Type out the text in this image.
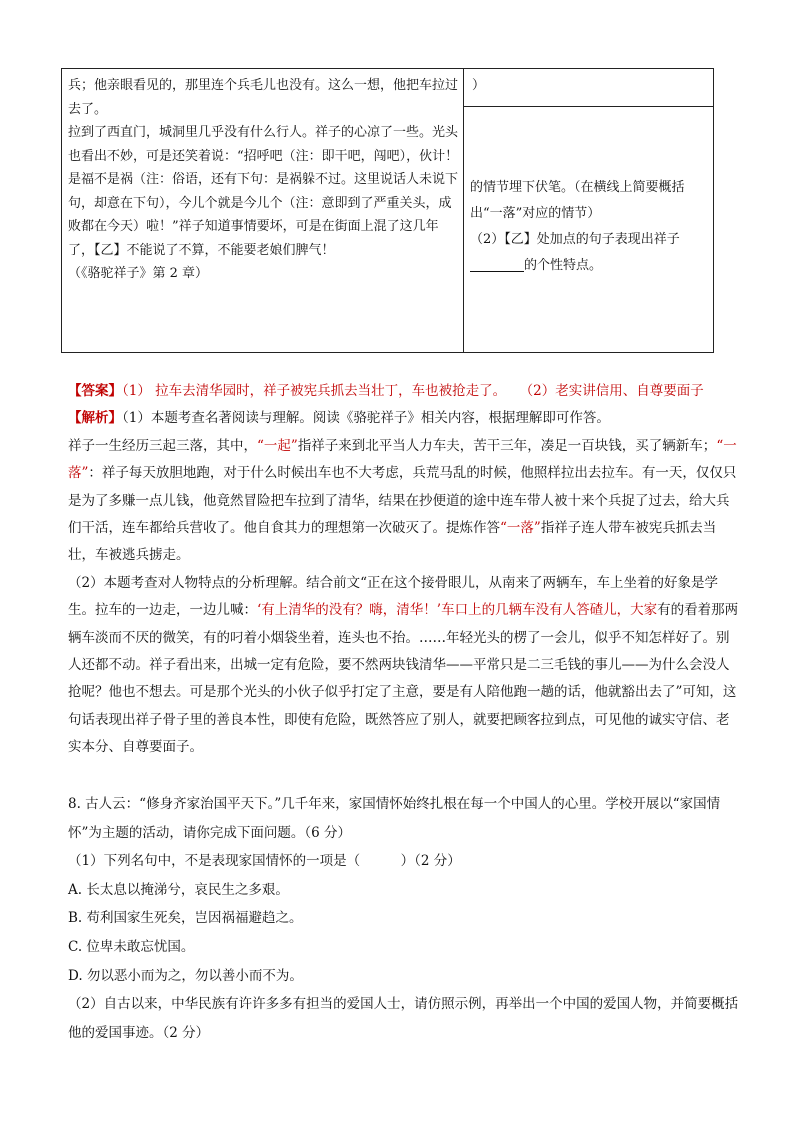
兵；他亲眼看见的，那里连个兵毛儿也没有。这么一想，他把车拉过去了。

拉到了西直门，城洞里几乎没有什么行人。祥子的心凉了一些。光头也看出不妙，可是还笑着说：“招呼吧（注：即干吧，闯吧），伙计！是福不是祸（注：俗语，还有下句：是祸躲不过。这里说话人未说下句，却意在下句），今儿个就是今儿个（注：意即到了严重关头，成败都在今天）啦！”祥子知道事情要坏，可是在街面上混了这几年了，【乙】不能说了不算，不能要老娘们脾气！

（《骆驼祥子》第 2 章）

）

的情节埋下伏笔。（在横线上简要概括出“一落”对应的情节）

（2）【乙】处加点的句子表现出祥子
的个性特点。

【答案】（1） 拉车去清华园时，祥子被宪兵抓去当壮丁，车也被抢走了。　　（2）老实讲信用、自尊要面子

【解析】（1）本题考查名著阅读与理解。阅读《骆驼祥子》相关内容，根据理解即可作答。

祥子一生经历三起三落，其中，“一起”指祥子来到北平当人力车夫，苦干三年，凑足一百块钱，买了辆新车；“一落”：祥子每天放胆地跑，对于什么时候出车也不大考虑，兵荒马乱的时候，他照样拉出去拉车。有一天，仅仅只是为了多赚一点儿钱，他竟然冒险把车拉到了清华，结果在抄便道的途中连车带人被十来个兵捉了过去，给大兵们干活，连车都给兵营收了。他自食其力的理想第一次破灭了。提炼作答“一落”指祥子连人带车被宪兵抓去当壮，车被逃兵掳走。

（2）本题考查对人物特点的分析理解。结合前文“正在这个接骨眼儿，从南来了两辆车，车上坐着的好象是学生。拉车的一边走，一边儿喊：‘有上清华的没有？嗨，清华！’车口上的几辆车没有人答碴儿，大家有的看着那两辆车淡而不厌的微笑，有的叼着小烟袋坐着，连头也不抬。……年轻光头的楞了一会儿，似乎不知怎样好了。别人还都不动。祥子看出来，出城一定有危险，要不然两块钱清华——平常只是二三毛钱的事儿——为什么会没人抢呢？他也不想去。可是那个光头的小伙子似乎打定了主意，要是有人陪他跑一趟的话，他就豁出去了”可知，这句话表现出祥子骨子里的善良本性，即使有危险，既然答应了别人，就要把顾客拉到点，可见他的诚实守信、老实本分、自尊要面子。

8. 古人云：“修身齐家治国平天下。”几千年来，家国情怀始终扎根在每一个中国人的心里。学校开展以“家国情怀”为主题的活动，请你完成下面问题。（6 分）

（1）下列名句中，不是表现家国情怀的一项是（　　　）（2 分）

A. 长太息以掩涕兮，哀民生之多艰。

B. 苟利国家生死矣，岂因祸福避趋之。

C. 位卑未敢忘忧国。

D. 勿以恶小而为之，勿以善小而不为。

（2）自古以来，中华民族有许许多多有担当的爱国人士，请仿照示例，再举出一个中国的爱国人物，并简要概括他的爱国事迹。（2 分）
